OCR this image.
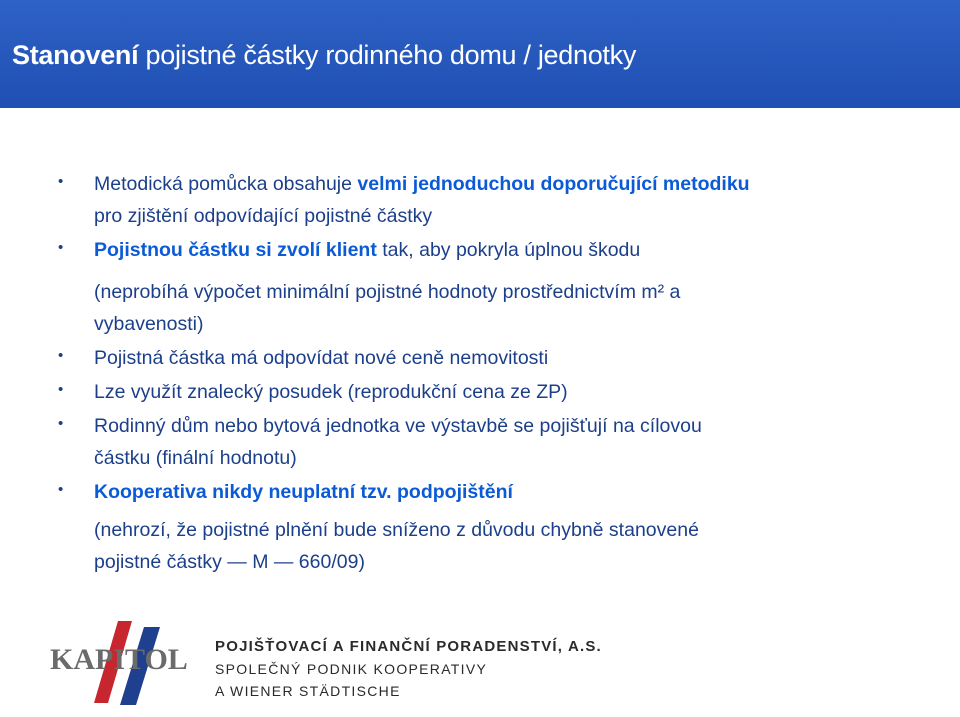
Stanovení pojistné částky rodinného domu / jednotky
• Metodická pomůcka obsahuje velmi jednoduchou doporučující metodiku
pro zjištění odpovídající pojistné částky
• Pojistnou částku si zvolí klient tak, aby pokryla úplnou škodu
(neprobíhá výpočet minimální pojistné hodnoty prostřednictvím m² a
vybavenosti)
• Pojistná částka má odpovídat nové ceně nemovitosti
• Lze využít znalecký posudek (reprodukční cena ze ZP)
• Rodinný dům nebo bytová jednotka ve výstavbě se pojišťují na cílovou
částku (finální hodnotu)
• Kooperativa nikdy neuplatní tzv. podpojištění
(nehrozí, že pojistné plnění bude sníženo z důvodu chybně stanovené
pojistné částky — M — 660/09)
KAPITOL POJIŠŤOVACÍ A FINANČNÍ PORADENSTVÍ, A.S.
SPOLEČNÝ PODNIK KOOPERATIVY
A WIENER STÄDTISCHE
